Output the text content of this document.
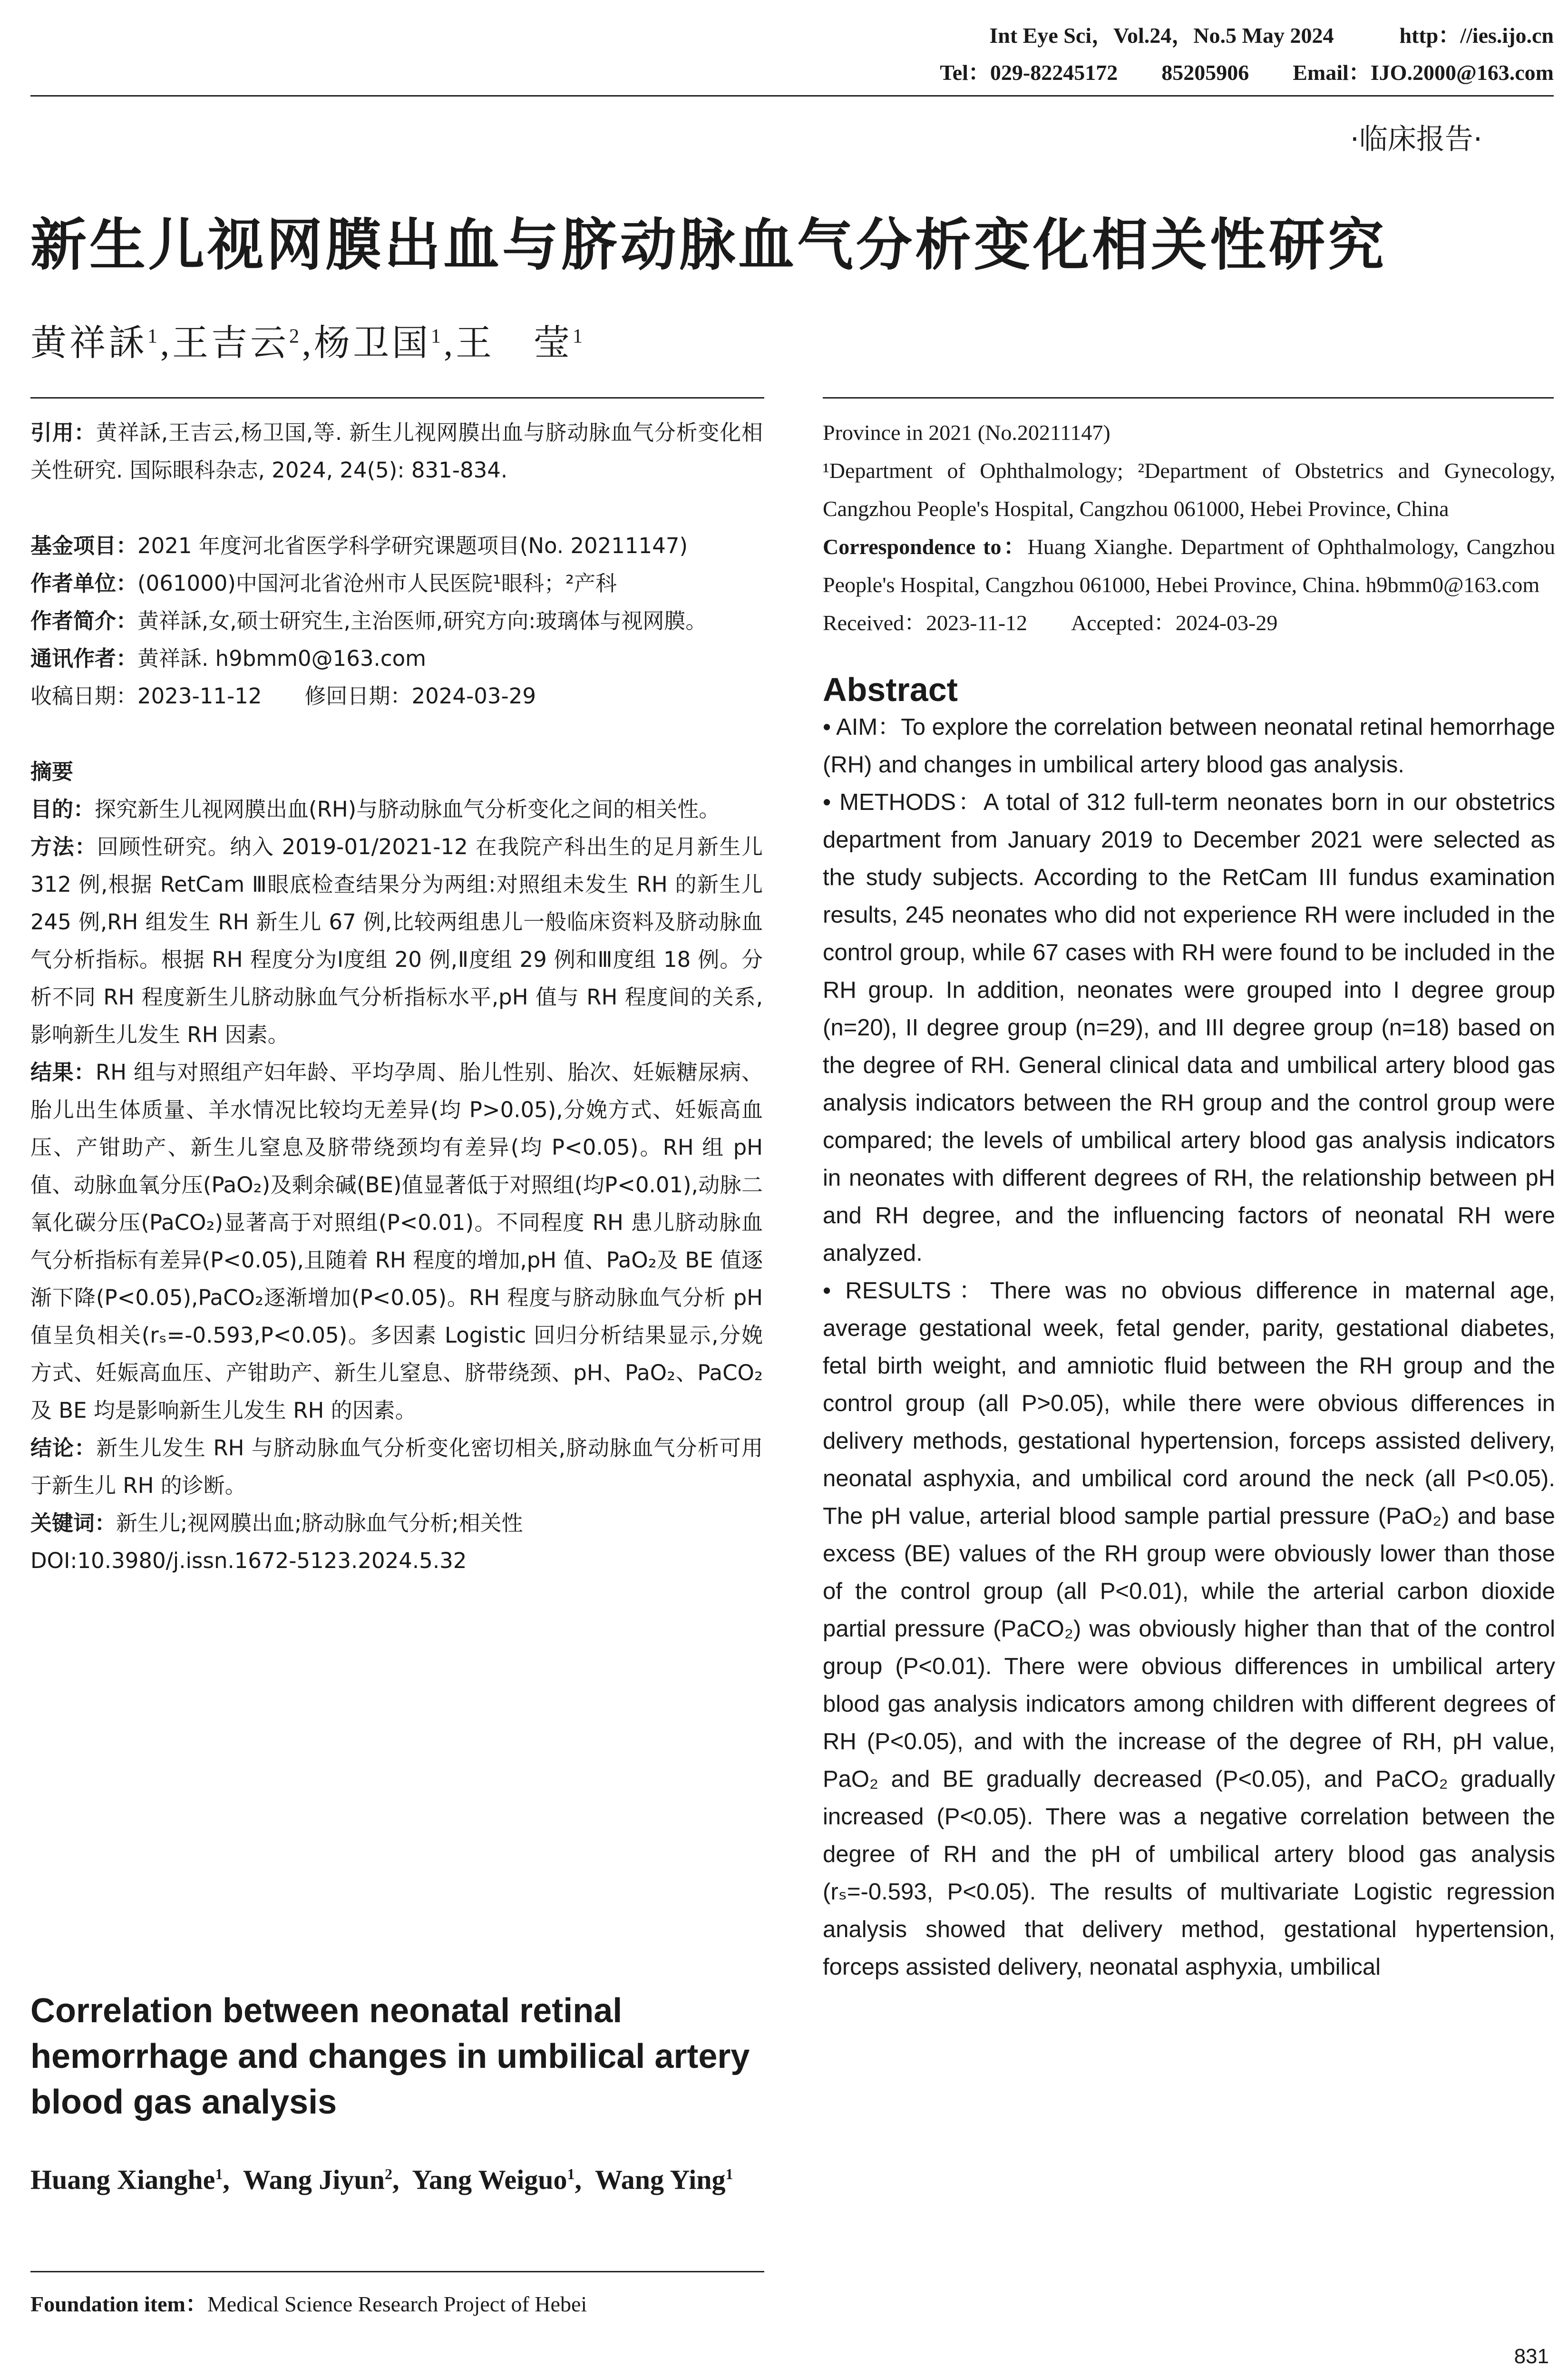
Int Eye Sci，Vol.24，No.5 May 2024　　　http：//ies.ijo.cn
Tel：029-82245172　　85205906　　Email：IJO.2000@163.com
·临床报告·
新生儿视网膜出血与脐动脉血气分析变化相关性研究
黄祥訸$^1$,王吉云$^2$,杨卫国$^1$,王　莹$^1$

引用：黄祥訸,王吉云,杨卫国,等. 新生儿视网膜出血与脐动脉血气分析变化相关性研究. 国际眼科杂志, 2024, 24(5): 831-834.

基金项目：2021 年度河北省医学科学研究课题项目(No. 20211147)

作者单位：(061000)中国河北省沧州市人民医院¹眼科；²产科

作者简介：黄祥訸,女,硕士研究生,主治医师,研究方向:玻璃体与视网膜。

通讯作者：黄祥訸. h9bmm0@163.com

收稿日期：2023-11-12　　修回日期：2024-03-29

摘要

目的：探究新生儿视网膜出血(RH)与脐动脉血气分析变化之间的相关性。

方法：回顾性研究。纳入 2019-01/2021-12 在我院产科出生的足月新生儿 312 例,根据 RetCam Ⅲ眼底检查结果分为两组:对照组未发生 RH 的新生儿 245 例,RH 组发生 RH 新生儿 67 例,比较两组患儿一般临床资料及脐动脉血气分析指标。根据 RH 程度分为Ⅰ度组 20 例,Ⅱ度组 29 例和Ⅲ度组 18 例。分析不同 RH 程度新生儿脐动脉血气分析指标水平,pH 值与 RH 程度间的关系,影响新生儿发生 RH 因素。

结果：RH 组与对照组产妇年龄、平均孕周、胎儿性别、胎次、妊娠糖尿病、胎儿出生体质量、羊水情况比较均无差异(均 P>0.05),分娩方式、妊娠高血压、产钳助产、新生儿窒息及脐带绕颈均有差异(均 P<0.05)。RH 组 pH 值、动脉血氧分压(PaO₂)及剩余碱(BE)值显著低于对照组(均P<0.01),动脉二氧化碳分压(PaCO₂)显著高于对照组(P<0.01)。不同程度 RH 患儿脐动脉血气分析指标有差异(P<0.05),且随着 RH 程度的增加,pH 值、PaO₂及 BE 值逐渐下降(P<0.05),PaCO₂逐渐增加(P<0.05)。RH 程度与脐动脉血气分析 pH 值呈负相关(rₛ=-0.593,P<0.05)。多因素 Logistic 回归分析结果显示,分娩方式、妊娠高血压、产钳助产、新生儿窒息、脐带绕颈、pH、PaO₂、PaCO₂及 BE 均是影响新生儿发生 RH 的因素。

结论：新生儿发生 RH 与脐动脉血气分析变化密切相关,脐动脉血气分析可用于新生儿 RH 的诊断。

关键词：新生儿;视网膜出血;脐动脉血气分析;相关性

DOI:10.3980/j.issn.1672-5123.2024.5.32

Correlation between neonatal retinal hemorrhage and changes in umbilical artery blood gas analysis
Huang Xianghe$^1$,  Wang Jiyun$^2$,  Yang Weiguo$^1$,  Wang Ying$^1$

Foundation item：Medical Science Research Project of Hebei

Province in 2021 (No.20211147)

¹Department of Ophthalmology; ²Department of Obstetrics and Gynecology, Cangzhou People's Hospital, Cangzhou 061000, Hebei Province, China

Correspondence to：Huang Xianghe. Department of Ophthalmology, Cangzhou People's Hospital, Cangzhou 061000, Hebei Province, China. h9bmm0@163.com

Received：2023-11-12　　Accepted：2024-03-29

Abstract

• AIM：To explore the correlation between neonatal retinal hemorrhage (RH) and changes in umbilical artery blood gas analysis.

• METHODS：A total of 312 full-term neonates born in our obstetrics department from January 2019 to December 2021 were selected as the study subjects. According to the RetCam III fundus examination results, 245 neonates who did not experience RH were included in the control group, while 67 cases with RH were found to be included in the RH group. In addition, neonates were grouped into I degree group (n=20), II degree group (n=29), and III degree group (n=18) based on the degree of RH. General clinical data and umbilical artery blood gas analysis indicators between the RH group and the control group were compared; the levels of umbilical artery blood gas analysis indicators in neonates with different degrees of RH, the relationship between pH and RH degree, and the influencing factors of neonatal RH were analyzed.

• RESULTS：There was no obvious difference in maternal age, average gestational week, fetal gender, parity, gestational diabetes, fetal birth weight, and amniotic fluid between the RH group and the control group (all P>0.05), while there were obvious differences in delivery methods, gestational hypertension, forceps assisted delivery, neonatal asphyxia, and umbilical cord around the neck (all P<0.05). The pH value, arterial blood sample partial pressure (PaO₂) and base excess (BE) values of the RH group were obviously lower than those of the control group (all P<0.01), while the arterial carbon dioxide partial pressure (PaCO₂) was obviously higher than that of the control group (P<0.01). There were obvious differences in umbilical artery blood gas analysis indicators among children with different degrees of RH (P<0.05), and with the increase of the degree of RH, pH value, PaO₂ and BE gradually decreased (P<0.05), and PaCO₂ gradually increased (P<0.05). There was a negative correlation between the degree of RH and the pH of umbilical artery blood gas analysis (rₛ=-0.593, P<0.05). The results of multivariate Logistic regression analysis showed that delivery method, gestational hypertension, forceps assisted delivery, neonatal asphyxia, umbilical

831
